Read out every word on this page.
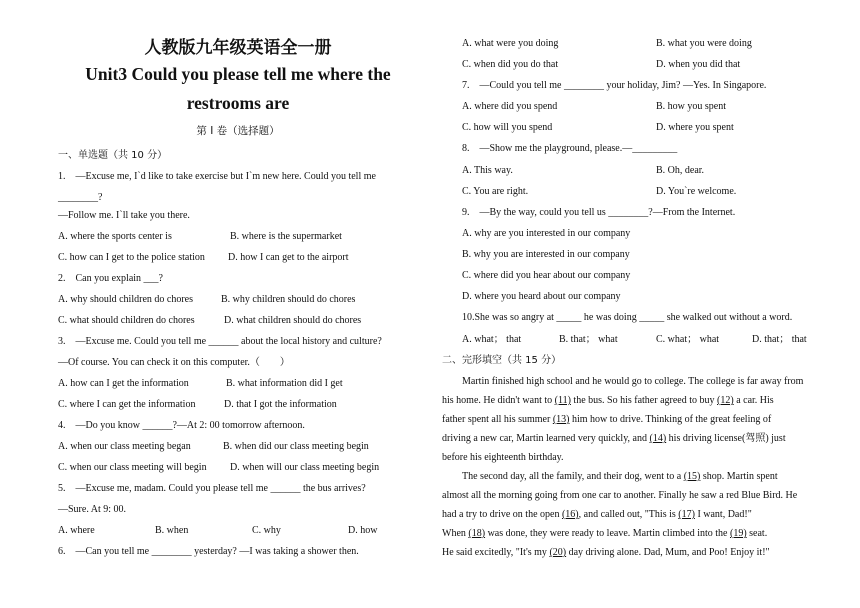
人教版九年级英语全一册
Unit3 Could you please tell me where the
restrooms are
第 I 卷（选择题）
一、单选题（共 10 分）
1.　—Excuse me, I`d like to take exercise but I`m new here. Could you tell me
________?
—Follow me. I`ll take you there.
A. where the sports center is	B. where is the supermarket
C. how can I get to the police station D. how I can get to the airport
2.　Can you explain ___?
A. why should children do chores	B. why children should do chores
C. what should children do chores	D. what children should do chores
3.　—Excuse me. Could you tell me ______ about the local history and culture?
—Of course. You can check it on this computer.（　　）
A. how can I get the information	B. what information did I get
C. where I can get the information	D. that I got the information
4.　—Do you know ______?—At 2: 00 tomorrow afternoon.
A. when our class meeting began	B. when did our class meeting begin
C. when our class meeting will begin D. when will our class meeting begin
5.　—Excuse me, madam. Could you please tell me ______ the bus arrives?
—Sure. At 9: 00.
A. where	B. when	C. why	D. how
6.　—Can you tell me ________ yesterday? —I was taking a shower then.
A. what were you doing	B. what you were doing
C. when did you do that	D. when you did that
7.　—Could you tell me ________ your holiday, Jim? —Yes. In Singapore.
A. where did you spend	B. how you spent
C. how will you spend	D. where you spent
8.　—Show me the playground, please.—_________
A. This way.	B. Oh, dear.
C. You are right.	D. You`re welcome.
9.　—By the way, could you tell us ________?—From the Internet.
A. why are you interested in our company
B. why you are interested in our company
C. where did you hear about our company
D. where you heard about our company
10.She was so angry at _____ he was doing _____ she walked out without a word.
A. what； that	B. that； what	C. what； what	D. that； that
二、完形填空（共 15 分）
Martin finished high school and he would go to college. The college is far away from
his home. He didn't want to (11) the bus. So his father agreed to buy (12) a car. His
father spent all his summer (13) him how to drive. Thinking of the great feeling of
driving a new car, Martin learned very quickly, and (14) his driving license(驾照) just
before his eighteenth birthday.
The second day, all the family, and their dog, went to a (15) shop. Martin spent
almost all the morning going from one car to another. Finally he saw a red Blue Bird. He
had a try to drive on the open (16), and called out, "This is (17) I want, Dad!"
When (18) was done, they were ready to leave. Martin climbed into the (19) seat.
He said excitedly, "It's my (20) day driving alone. Dad, Mum, and Poo! Enjoy it!"
